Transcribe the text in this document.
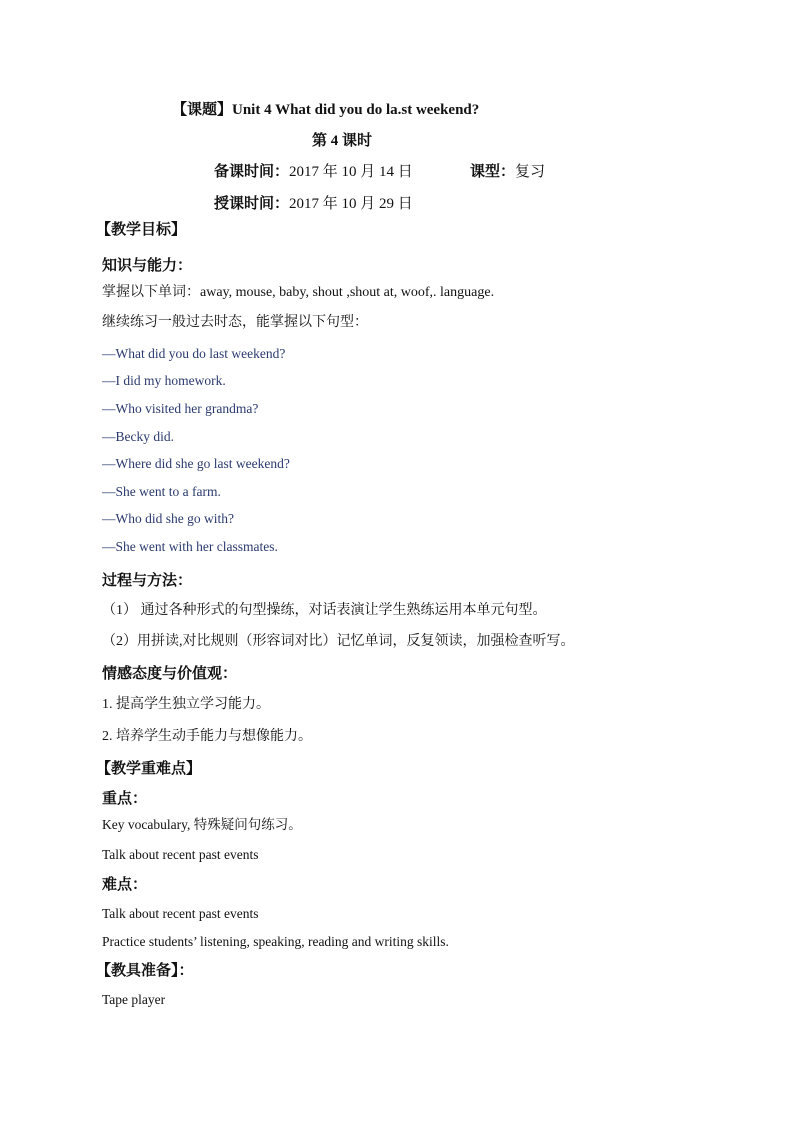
【课题】Unit 4 What did you do la.st weekend?
第 4 课时
备课时间：2017 年 10 月 14 日	课型：复习
授课时间：2017 年 10 月 29 日
【教学目标】
知识与能力：
掌握以下单词：away, mouse, baby, shout ,shout at, woof,. language.
继续练习一般过去时态，能掌握以下句型：
—What did you do last weekend?
—I did my homework.
—Who visited her grandma?
—Becky did.
—Where did she go last weekend?
—She went to a farm.
—Who did she go with?
—She went with her classmates.
过程与方法：
（1） 通过各种形式的句型操练，对话表演让学生熟练运用本单元句型。
（2）用拼读,对比规则（形容词对比）记忆单词，反复领读，加强检查听写。
情感态度与价值观：
1. 提高学生独立学习能力。
2. 培养学生动手能力与想像能力。
【教学重难点】
重点：
Key vocabulary, 特殊疑问句练习。
Talk about recent past events
难点：
Talk about recent past events
Practice students’ listening, speaking, reading and writing skills.
【教具准备】：
Tape player
